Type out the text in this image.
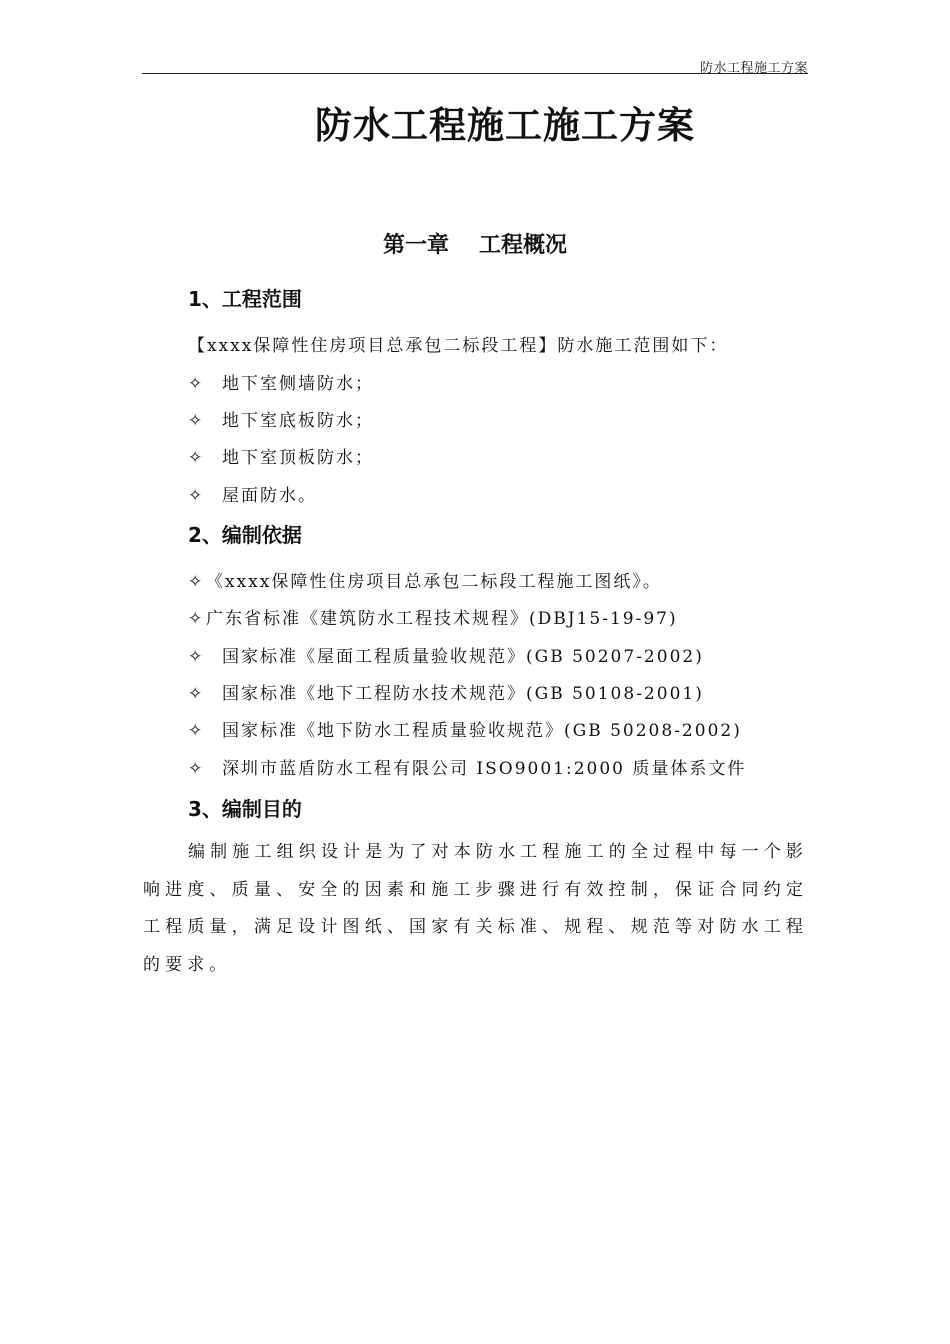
防水工程施工方案
防水工程施工施工方案
第一章 工程概况
1、工程范围
【xxxx保障性住房项目总承包二标段工程】防水施工范围如下：
✧ 地下室侧墙防水；
✧ 地下室底板防水；
✧ 地下室顶板防水；
✧ 屋面防水。
2、编制依据
✧ 《xxxx保障性住房项目总承包二标段工程施工图纸》。
✧ 广东省标准《建筑防水工程技术规程》(DBJ15-19-97)
✧ 国家标准《屋面工程质量验收规范》(GB 50207-2002)
✧ 国家标准《地下工程防水技术规范》(GB 50108-2001)
✧ 国家标准《地下防水工程质量验收规范》(GB 50208-2002)
✧ 深圳市蓝盾防水工程有限公司 ISO9001:2000 质量体系文件
3、编制目的
编制施工组织设计是为了对本防水工程施工的全过程中每一个影响进度、质量、安全的因素和施工步骤进行有效控制，保证合同约定工程质量，满足设计图纸、国家有关标准、规程、规范等对防水工程的要求。
